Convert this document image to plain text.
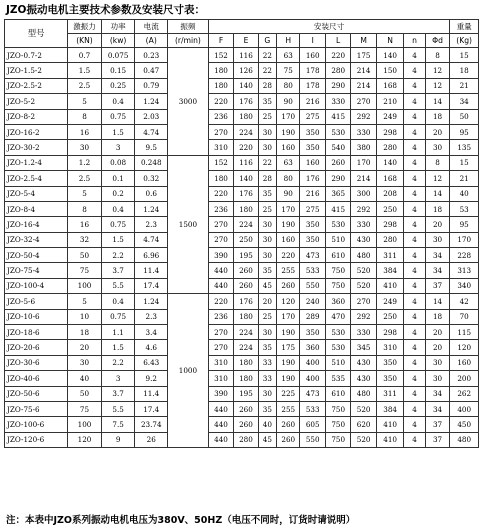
JZO振动电机主要技术参数及安装尺寸表：
型号	激振力	功率	电流	振频	安装尺寸										重量
	(KN)	(kw)	(A)	(r/min)	F	E	G	H	I	L	M	N	n	Φd	(Kg)
JZO-0.7-2	0.7	0.075	0.23	3000	152	116	22	63	160	220	175	140	4	8	15
JZO-1.5-2	1.5	0.15	0.47		180	126	22	75	178	280	214	150	4	12	18
JZO-2.5-2	2.5	0.25	0.79		180	140	28	80	178	290	214	168	4	12	21
JZO-5-2	5	0.4	1.24		220	176	35	90	216	330	270	210	4	14	34
JZO-8-2	8	0.75	2.03		236	180	25	170	275	415	292	249	4	18	50
JZO-16-2	16	1.5	4.74		270	224	30	190	350	530	330	298	4	20	95
JZO-30-2	30	3	9.5		310	220	30	160	350	540	380	280	4	30	135
JZO-1.2-4	1.2	0.08	0.248	1500	152	116	22	63	160	260	170	140	4	8	15
JZO-2.5-4	2.5	0.1	0.32		180	140	28	80	176	290	214	168	4	12	21
JZO-5-4	5	0.2	0.6		220	176	35	90	216	365	300	208	4	14	40
JZO-8-4	8	0.4	1.24		236	180	25	170	275	415	292	250	4	18	53
JZO-16-4	16	0.75	2.3		270	224	30	190	350	530	330	298	4	20	95
JZO-32-4	32	1.5	4.74		270	250	30	160	350	510	430	280	4	30	170
JZO-50-4	50	2.2	6.96		390	195	30	220	473	610	480	311	4	34	228
JZO-75-4	75	3.7	11.4		440	260	35	255	533	750	520	384	4	34	313
JZO-100-4	100	5.5	17.4		440	260	45	260	550	750	520	410	4	37	340
JZO-5-6	5	0.4	1.24	1000	220	176	20	120	240	360	270	249	4	14	42
JZO-10-6	10	0.75	2.3		236	180	25	170	289	470	292	250	4	18	70
JZO-18-6	18	1.1	3.4		270	224	30	190	350	530	330	298	4	20	115
JZO-20-6	20	1.5	4.6		270	224	35	175	360	530	345	310	4	20	120
JZO-30-6	30	2.2	6.43		310	180	33	190	400	510	430	350	4	30	160
JZO-40-6	40	3	9.2		310	180	33	190	400	535	430	350	4	30	200
JZO-50-6	50	3.7	11.4		390	195	30	225	473	610	480	311	4	34	262
JZO-75-6	75	5.5	17.4		440	260	35	255	533	750	520	384	4	34	400
JZO-100-6	100	7.5	23.74		440	260	40	260	605	750	620	410	4	37	450
JZO-120-6	120	9	26		440	280	45	260	550	750	520	410	4	37	480
注：本表中JZO系列振动电机电压为380V、50HZ（电压不同时，订货时请说明）
